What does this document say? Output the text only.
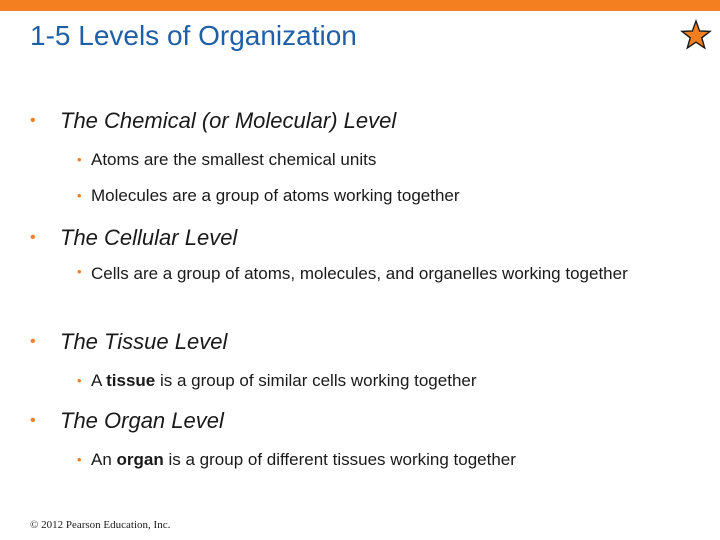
1-5 Levels of Organization
• The Chemical (or Molecular) Level
• Atoms are the smallest chemical units
• Molecules are a group of atoms working together
• The Cellular Level
• Cells are a group of atoms, molecules, and organelles working together
• The Tissue Level
• A tissue is a group of similar cells working together
• The Organ Level
• An organ is a group of different tissues working together
© 2012 Pearson Education, Inc.
